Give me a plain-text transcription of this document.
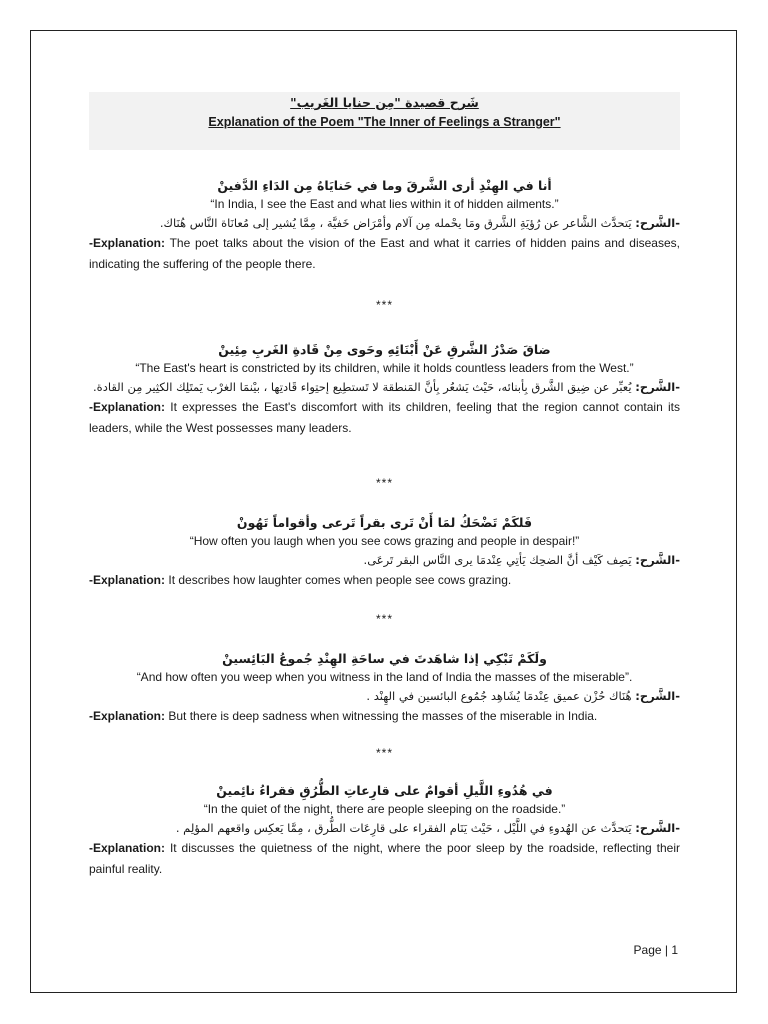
شَرح قصيدة "مِن حنايا الغَريب"
Explanation of the Poem "The Inner of Feelings a Stranger"
أنا في الهِنْدِ أرى الشَّرقَ وما في حَنايَاهُ مِن الدَاءِ الدَّفينْ
“In India, I see the East and what lies within it of hidden ailments.”
-الشَّرح: يَتحدَّث الشَّاعر عن رُؤيَةِ الشَّرق ومَا يحْمله مِن آلام وأمْرَاض خَفيَّة ، مِمَّا يُشير إلى مُعانَاة النَّاس هُنَاك.
-Explanation: The poet talks about the vision of the East and what it carries of hidden pains and diseases, indicating the suffering of the people there.
***
ضاقَ صَدْرُ الشَّرقِ عَنْ أَبْنَائِهِ وحَوى مِنْ قَادةِ الغَربِ مِئِينْ
“The East's heart is constricted by its children, while it holds countless leaders from the West.”
-الشَّرح: يُعبِّر عن ضِيق الشَّرق بِأبنائه، حَيْث يَشعُر بِأنَّ المَنطقة لا تَستطِيع إحتِواء قَادتِها ، بيْنمَا الغرْب يَمتَلِك الكثِير مِن القادة.
-Explanation: It expresses the East's discomfort with its children, feeling that the region cannot contain its leaders, while the West possesses many leaders.
***
فَلكَمْ تَضْحَكُ لمَا أَنْ تَرى بقراً تَرعى وأقواماً تَهُونْ
“How often you laugh when you see cows grazing and people in despair!”
-الشَّرح: يَصِف كَيْف أنَّ الضحِك يَأتِي عِنْدمَا يرى النَّاس البقر تَرعَى.
-Explanation: It describes how laughter comes when people see cows grazing.
***
ولَكَمْ تَبْكِي إذا شاهَدتَ في ساحَةِ الهِنْدِ جُموعُ البَائِسينْ
“And how often you weep when you witness in the land of India the masses of the miserable”.
-الشَّرح: هُنَاك حُزْن عميق عِنْدمَا يُشَاهِد جُمُوع البائسين في الهِنْد .
-Explanation: But there is deep sadness when witnessing the masses of the miserable in India.
***
في هُدُوءِ اللَّيلِ أقوامٌ على قارِعاتِ الطُّرُقِ فقراءُ نائِمينْ
“In the quiet of the night, there are people sleeping on the roadside.”
-الشَّرح: يَتحدَّث عن الهُدوءِ في اللَّيْل ، حَيْث يَنَام الفقراء على قارِعَات الطُّرق ، مِمَّا يَعكِس واقعهم المؤلِم .
-Explanation: It discusses the quietness of the night, where the poor sleep by the roadside, reflecting their painful reality.
Page | 1
